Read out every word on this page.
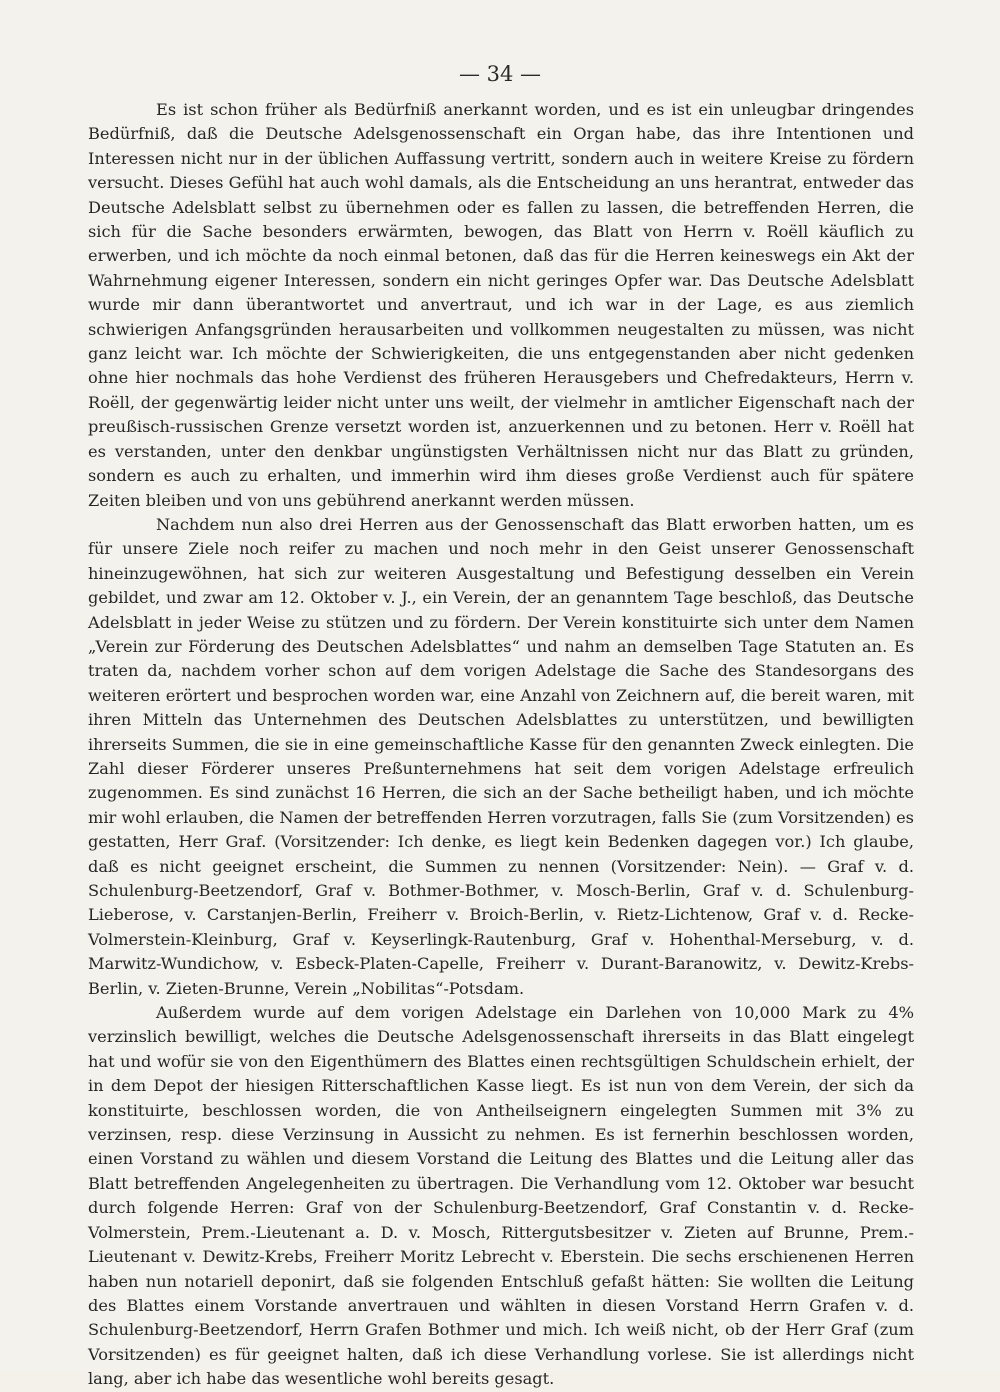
— 34 —

Es ist schon früher als Bedürfniß anerkannt worden, und es ist ein unleugbar dringendes Bedürfniß, daß die Deutsche Adelsgenossenschaft ein Organ habe, das ihre Intentionen und Interessen nicht nur in der üblichen Auffassung vertritt, sondern auch in weitere Kreise zu fördern versucht. Dieses Gefühl hat auch wohl damals, als die Entscheidung an uns herantrat, entweder das Deutsche Adelsblatt selbst zu übernehmen oder es fallen zu lassen, die betreffenden Herren, die sich für die Sache besonders erwärmten, bewogen, das Blatt von Herrn v. Roëll käuflich zu erwerben, und ich möchte da noch einmal betonen, daß das für die Herren keineswegs ein Akt der Wahrnehmung eigener Interessen, sondern ein nicht geringes Opfer war. Das Deutsche Adelsblatt wurde mir dann überantwortet und anvertraut, und ich war in der Lage, es aus ziemlich schwierigen Anfangsgründen herausarbeiten und vollkommen neugestalten zu müssen, was nicht ganz leicht war. Ich möchte der Schwierigkeiten, die uns entgegenstanden aber nicht gedenken ohne hier nochmals das hohe Verdienst des früheren Herausgebers und Chefredakteurs, Herrn v. Roëll, der gegenwärtig leider nicht unter uns weilt, der vielmehr in amtlicher Eigenschaft nach der preußisch-russischen Grenze versetzt worden ist, anzuerkennen und zu betonen. Herr v. Roëll hat es verstanden, unter den denkbar ungünstigsten Verhältnissen nicht nur das Blatt zu gründen, sondern es auch zu erhalten, und immerhin wird ihm dieses große Verdienst auch für spätere Zeiten bleiben und von uns gebührend anerkannt werden müssen.

Nachdem nun also drei Herren aus der Genossenschaft das Blatt erworben hatten, um es für unsere Ziele noch reifer zu machen und noch mehr in den Geist unserer Genossenschaft hineinzugewöhnen, hat sich zur weiteren Ausgestaltung und Befestigung desselben ein Verein gebildet, und zwar am 12. Oktober v. J., ein Verein, der an genanntem Tage beschloß, das Deutsche Adelsblatt in jeder Weise zu stützen und zu fördern. Der Verein konstituirte sich unter dem Namen „Verein zur Förderung des Deutschen Adelsblattes“ und nahm an demselben Tage Statuten an. Es traten da, nachdem vorher schon auf dem vorigen Adelstage die Sache des Standesorgans des weiteren erörtert und besprochen worden war, eine Anzahl von Zeichnern auf, die bereit waren, mit ihren Mitteln das Unternehmen des Deutschen Adelsblattes zu unterstützen, und bewilligten ihrerseits Summen, die sie in eine gemeinschaftliche Kasse für den genannten Zweck einlegten. Die Zahl dieser Förderer unseres Preßunternehmens hat seit dem vorigen Adelstage erfreulich zugenommen. Es sind zunächst 16 Herren, die sich an der Sache betheiligt haben, und ich möchte mir wohl erlauben, die Namen der betreffenden Herren vorzutragen, falls Sie (zum Vorsitzenden) es gestatten, Herr Graf. (Vorsitzender: Ich denke, es liegt kein Bedenken dagegen vor.) Ich glaube, daß es nicht geeignet erscheint, die Summen zu nennen (Vorsitzender: Nein). — Graf v. d. Schulenburg-Beetzendorf, Graf v. Bothmer-Bothmer, v. Mosch-Berlin, Graf v. d. Schulenburg-Lieberose, v. Carstanjen-Berlin, Freiherr v. Broich-Berlin, v. Rietz-Lichtenow, Graf v. d. Recke-Volmerstein-Kleinburg, Graf v. Keyserlingk-Rautenburg, Graf v. Hohenthal-Merseburg, v. d. Marwitz-Wundichow, v. Esbeck-Platen-Capelle, Freiherr v. Durant-Baranowitz, v. Dewitz-Krebs-Berlin, v. Zieten-Brunne, Verein „Nobilitas“-Potsdam.

Außerdem wurde auf dem vorigen Adelstage ein Darlehen von 10,000 Mark zu 4% verzinslich bewilligt, welches die Deutsche Adelsgenossenschaft ihrerseits in das Blatt eingelegt hat und wofür sie von den Eigenthümern des Blattes einen rechtsgültigen Schuldschein erhielt, der in dem Depot der hiesigen Ritterschaftlichen Kasse liegt. Es ist nun von dem Verein, der sich da konstituirte, beschlossen worden, die von Antheilseignern eingelegten Summen mit 3% zu verzinsen, resp. diese Verzinsung in Aussicht zu nehmen. Es ist fernerhin beschlossen worden, einen Vorstand zu wählen und diesem Vorstand die Leitung des Blattes und die Leitung aller das Blatt betreffenden Angelegenheiten zu übertragen. Die Verhandlung vom 12. Oktober war besucht durch folgende Herren: Graf von der Schulenburg-Beetzendorf, Graf Constantin v. d. Recke-Volmerstein, Prem.-Lieutenant a. D. v. Mosch, Rittergutsbesitzer v. Zieten auf Brunne, Prem.-Lieutenant v. Dewitz-Krebs, Freiherr Moritz Lebrecht v. Eberstein. Die sechs erschienenen Herren haben nun notariell deponirt, daß sie folgenden Entschluß gefaßt hätten: Sie wollten die Leitung des Blattes einem Vorstande anvertrauen und wählten in diesen Vorstand Herrn Grafen v. d. Schulenburg-Beetzendorf, Herrn Grafen Bothmer und mich. Ich weiß nicht, ob der Herr Graf (zum Vorsitzenden) es für geeignet halten, daß ich diese Verhandlung vorlese. Sie ist allerdings nicht lang, aber ich habe das wesentliche wohl bereits gesagt.
